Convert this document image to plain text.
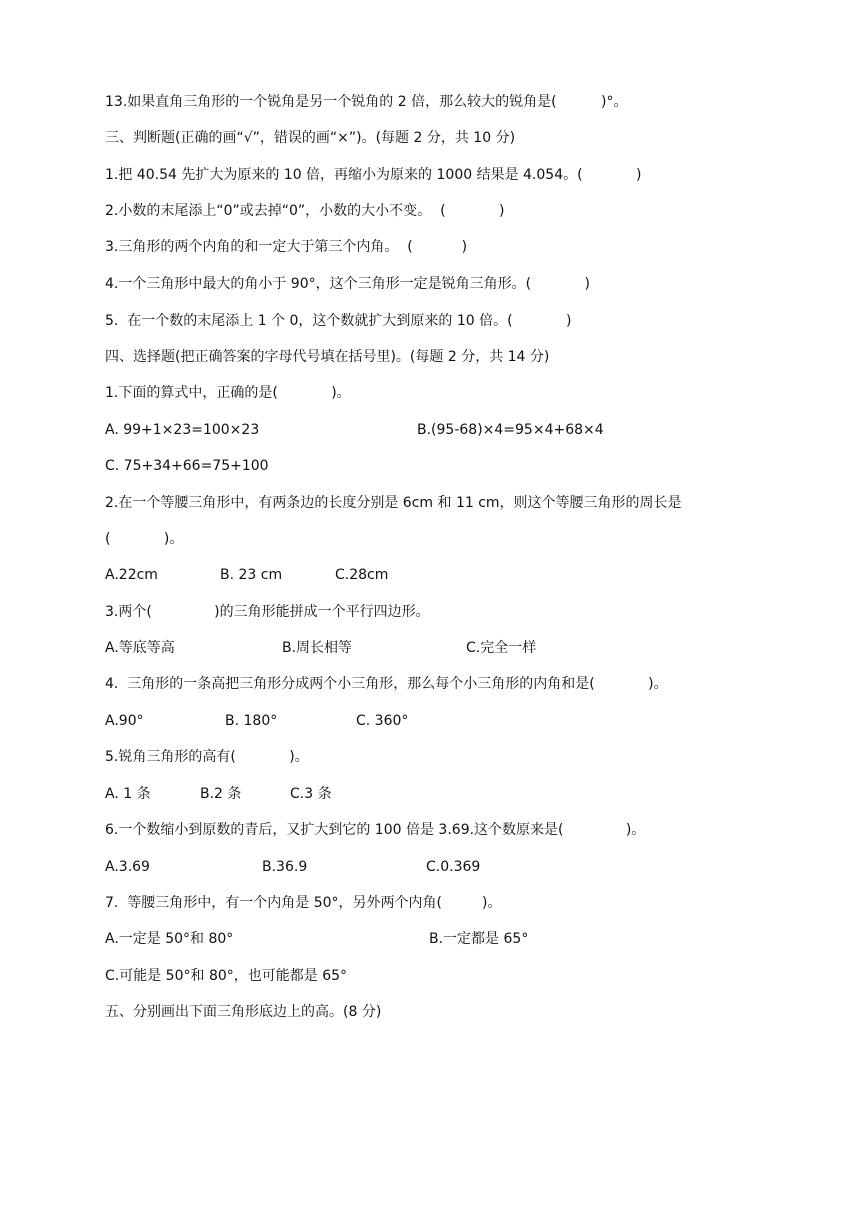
13.如果直角三角形的一个锐角是另一个锐角的 2 倍，那么较大的锐角是(          )°。
三、判断题(正确的画“√”，错误的画“×”)。(每题 2 分，共 10 分)
1.把 40.54 先扩大为原来的 10 倍，再缩小为原来的 1000 结果是 4.054。(            )
2.小数的末尾添上“0”或去掉“0”，小数的大小不变。  (            )
3.三角形的两个内角的和一定大于第三个内角。  (           )
4.一个三角形中最大的角小于 90°，这个三角形一定是锐角三角形。(            )
5.  在一个数的末尾添上 1 个 0，这个数就扩大到原来的 10 倍。(            )
四、选择题(把正确答案的字母代号填在括号里)。(每题 2 分，共 14 分)
1.下面的算式中，正确的是(            )。
A. 99+1×23=100×23	B.(95-68)×4=95×4+68×4
C. 75+34+66=75+100
2.在一个等腰三角形中，有两条边的长度分别是 6cm 和 11 cm，则这个等腰三角形的周长是
(            )。
A.22cm	B. 23 cm	C.28cm
3.两个(              )的三角形能拼成一个平行四边形。
A.等底等高	B.周长相等	C.完全一样
4.  三角形的一条高把三角形分成两个小三角形，那么每个小三角形的内角和是(            )。
A.90°	B. 180°	C. 360°
5.锐角三角形的高有(            )。
A. 1 条	B.2 条	C.3 条
6.一个数缩小到原数的青后，又扩大到它的 100 倍是 3.69.这个数原来是(              )。
A.3.69	B.36.9	C.0.369
7.  等腰三角形中，有一个内角是 50°，另外两个内角(         )。
A.一定是 50°和 80°	B.一定都是 65°
C.可能是 50°和 80°，也可能都是 65°
五、分别画出下面三角形底边上的高。(8 分)
